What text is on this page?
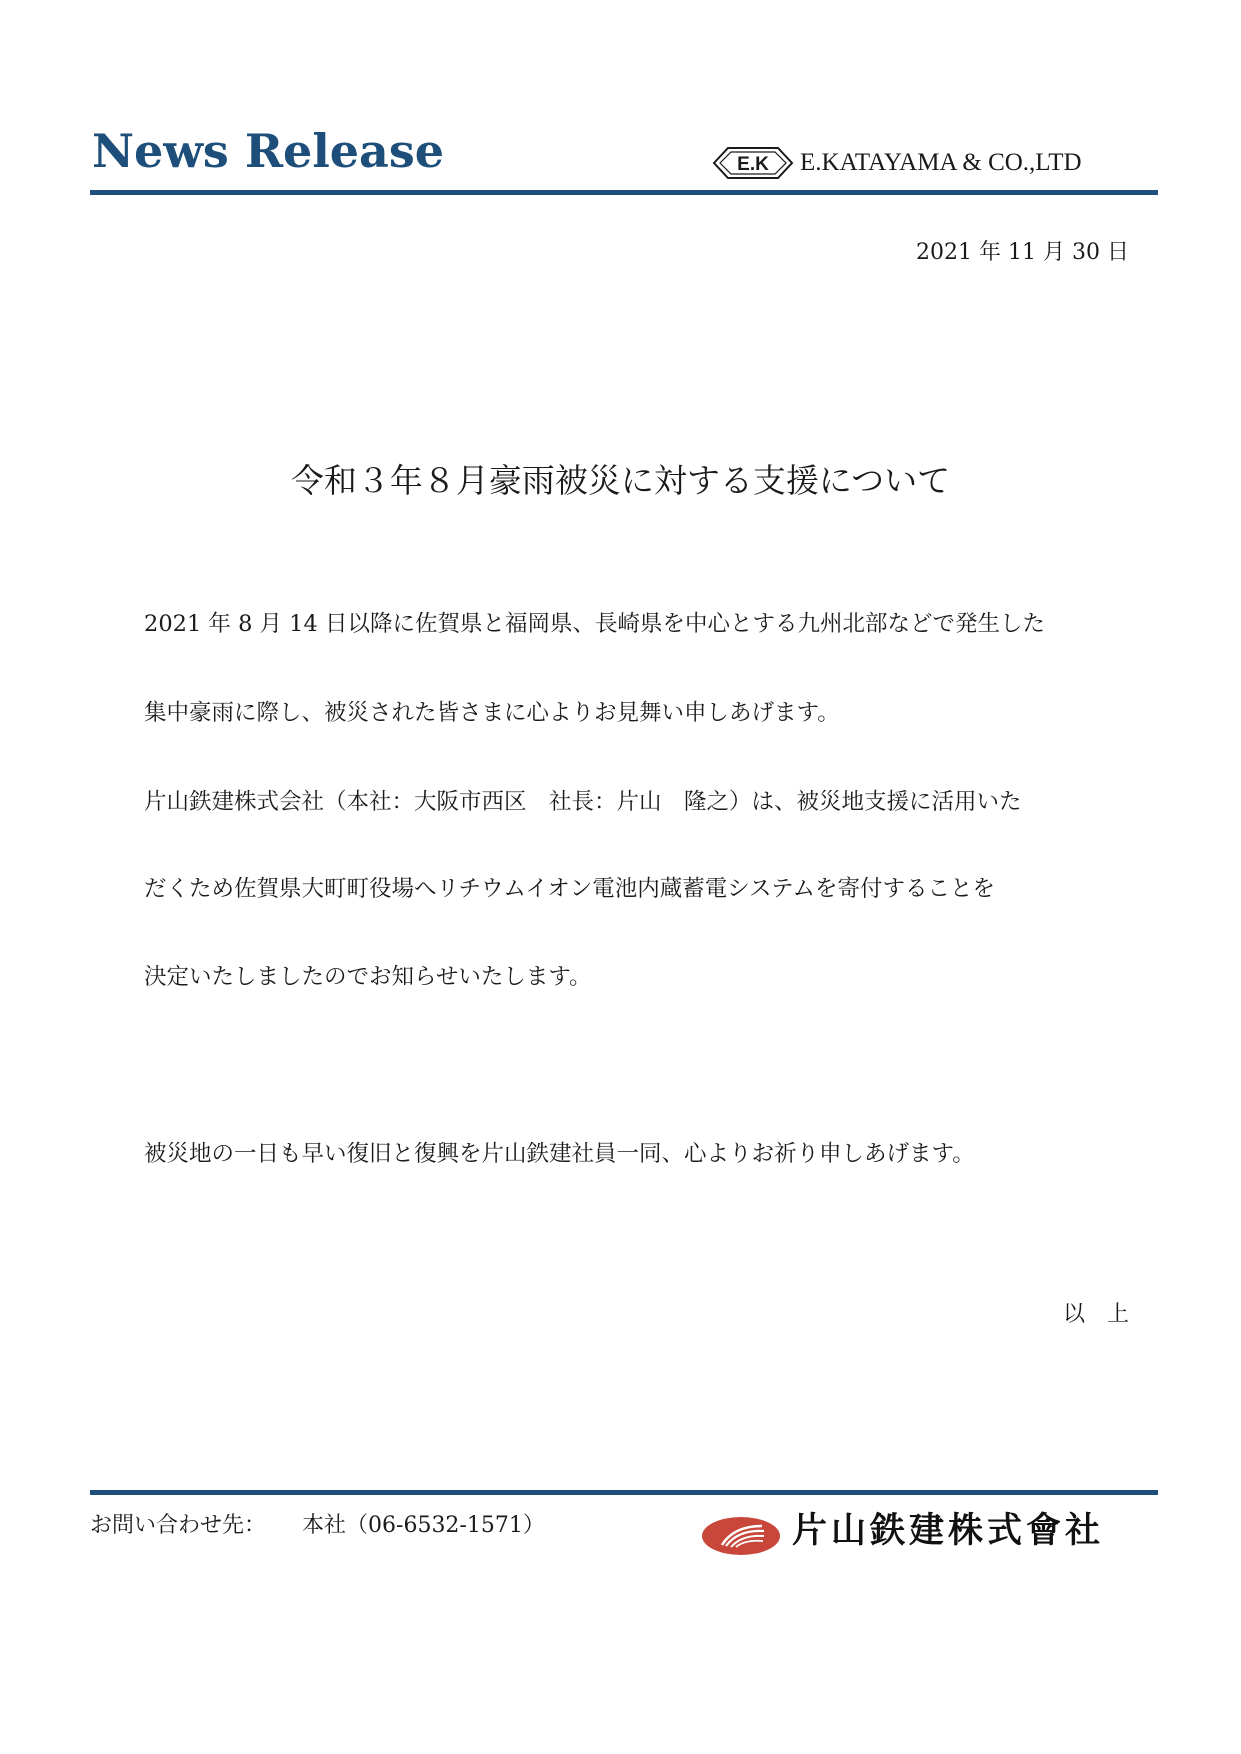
News Release	E.K E.KATAYAMA & CO.,LTD
2021 年 11 月 30 日
令和３年８月豪雨被災に対する支援について
2021 年 8 月 14 日以降に佐賀県と福岡県、長崎県を中心とする九州北部などで発生した
集中豪雨に際し、被災された皆さまに心よりお見舞い申しあげます。
片山鉄建株式会社（本社：大阪市西区　社長：片山　隆之）は、被災地支援に活用いた
だくため佐賀県大町町役場へリチウムイオン電池内蔵蓄電システムを寄付することを
決定いたしましたのでお知らせいたします。
被災地の一日も早い復旧と復興を片山鉄建社員一同、心よりお祈り申しあげます。
以　上
お問い合わせ先： 本社（06-6532-1571）	片山鉄建株式會社
